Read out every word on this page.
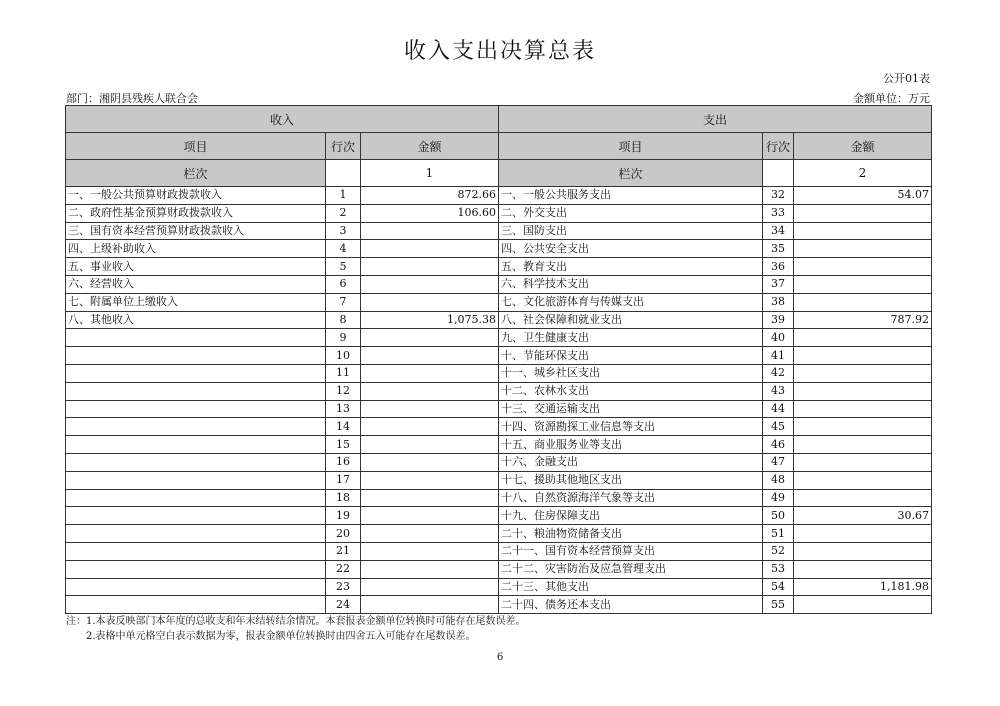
收入支出决算总表
公开01表
部门：湘阴县残疾人联合会	金额单位：万元
收入			支出		
项目	行次	金额	项目	行次	金额
栏次		1	栏次		2
一、一般公共预算财政拨款收入	1	872.66	一、一般公共服务支出	32	54.07
二、政府性基金预算财政拨款收入	2	106.60	二、外交支出	33	
三、国有资本经营预算财政拨款收入	3		三、国防支出	34	
四、上级补助收入	4		四、公共安全支出	35	
五、事业收入	5		五、教育支出	36	
六、经营收入	6		六、科学技术支出	37	
七、附属单位上缴收入	7		七、文化旅游体育与传媒支出	38	
八、其他收入	8	1,075.38	八、社会保障和就业支出	39	787.92
	9		九、卫生健康支出	40	
	10		十、节能环保支出	41	
	11		十一、城乡社区支出	42	
	12		十二、农林水支出	43	
	13		十三、交通运输支出	44	
	14		十四、资源勘探工业信息等支出	45	
	15		十五、商业服务业等支出	46	
	16		十六、金融支出	47	
	17		十七、援助其他地区支出	48	
	18		十八、自然资源海洋气象等支出	49	
	19		十九、住房保障支出	50	30.67
	20		二十、粮油物资储备支出	51	
	21		二十一、国有资本经营预算支出	52	
	22		二十二、灾害防治及应急管理支出	53	
	23		二十三、其他支出	54	1,181.98
	24		二十四、债务还本支出	55	
注：1.本表反映部门本年度的总收支和年末结转结余情况。本套报表金额单位转换时可能存在尾数误差。
2.表格中单元格空白表示数据为零，报表金额单位转换时由四舍五入可能存在尾数误差。
6
